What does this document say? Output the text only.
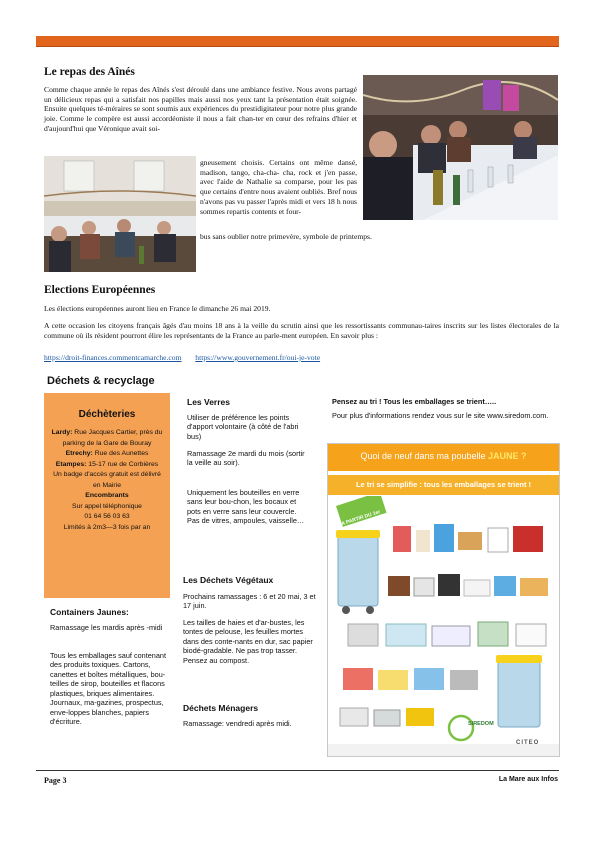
Le repas des Aînés

Comme chaque année le repas des Aînés s'est déroulé dans une ambiance festive. Nous avons partagé un délicieux repas qui a satisfait nos papilles mais aussi nos yeux tant la présentation était soignée. Ensuite quelques té-méraires se sont soumis aux expériences du prestidigitateur pour notre plus grande joie. Comme le compère est aussi accordéoniste il nous a fait chan-ter en cœur des refrains d'hier et d'aujourd'hui que Véronique avait soi-

gneusement choisis. Certains ont même dansé, madison, tango, cha-cha- cha, rock et j'en passe, avec l'aide de Nathalie sa comparse, pour les pas que certains d'entre nous avaient oubliés. Bref nous n'avons pas vu passer l'après midi et vers 18 h nous sommes repartis contents et four-

bus sans oublier notre primevère, symbole de printemps.

Elections Européennes

Les élections européennes auront lieu en France le dimanche 26 mai 2019.

A cette occasion les citoyens français âgés d'au moins 18 ans à la veille du scrutin ainsi que les ressortissants communau-taires inscrits sur les listes électorales de la commune où ils résident pourront élire les représentants de la France au parle-ment européen. En savoir plus :

https://droit-finances.commentcamarche.com https://www.gouvernement.fr/oui-je-vote
Déchets & recyclage
Déchèteries
Lardy: Rue Jacques Cartier, près du parking de la Gare de Bouray
Etrechy: Rue des Aunettes
Etampes: 15-17 rue de Corbières
Un badge d'accès gratuit est délivré en Mairie
Encombrants
Sur appel téléphonique
01 64 56 03 63
Limités à 2m3—3 fois par an
Containers Jaunes:
Ramassage les mardis après -midi
Tous les emballages sauf contenant des produits toxiques. Cartons, canettes et boîtes métalliques, bou-teilles de sirop, bouteilles et flacons plastiques, briques alimentaires. Journaux, ma-gazines, prospectus, enve-loppes blanches, papiers d'écriture.
Les Verres
Utiliser de préférence les points d'apport volontaire (à côté de l'abri bus)
Ramassage 2e mardi du mois (sortir la veille au soir).
Uniquement les bouteilles en verre sans leur bou-chon, les bocaux et pots en verre sans leur couvercle. Pas de vitres, ampoules, vaisselle…
Les Déchets Végétaux
Prochains ramassages : 6 et 20 mai, 3 et 17 juin.
Les tailles de haies et d'ar-bustes, les tontes de pelouse, les feuilles mortes dans des conte-nants en dur, sac papier biodé-gradable. Ne pas trop tasser. Pensez au compost.
Déchets Ménagers
Ramassage: vendredi après midi.
Pensez au tri ! Tous les emballages se trient…..
Pour plus d'informations rendez vous sur le site www.siredom.com.
Quoi de neuf dans ma poubelle JAUNE ?
Le tri se simplifie : tous les emballages se trient !
A PARTIR DU 1er OCTOBRE
SIREDOM
CITEO
Page 3	La Mare aux Infos
